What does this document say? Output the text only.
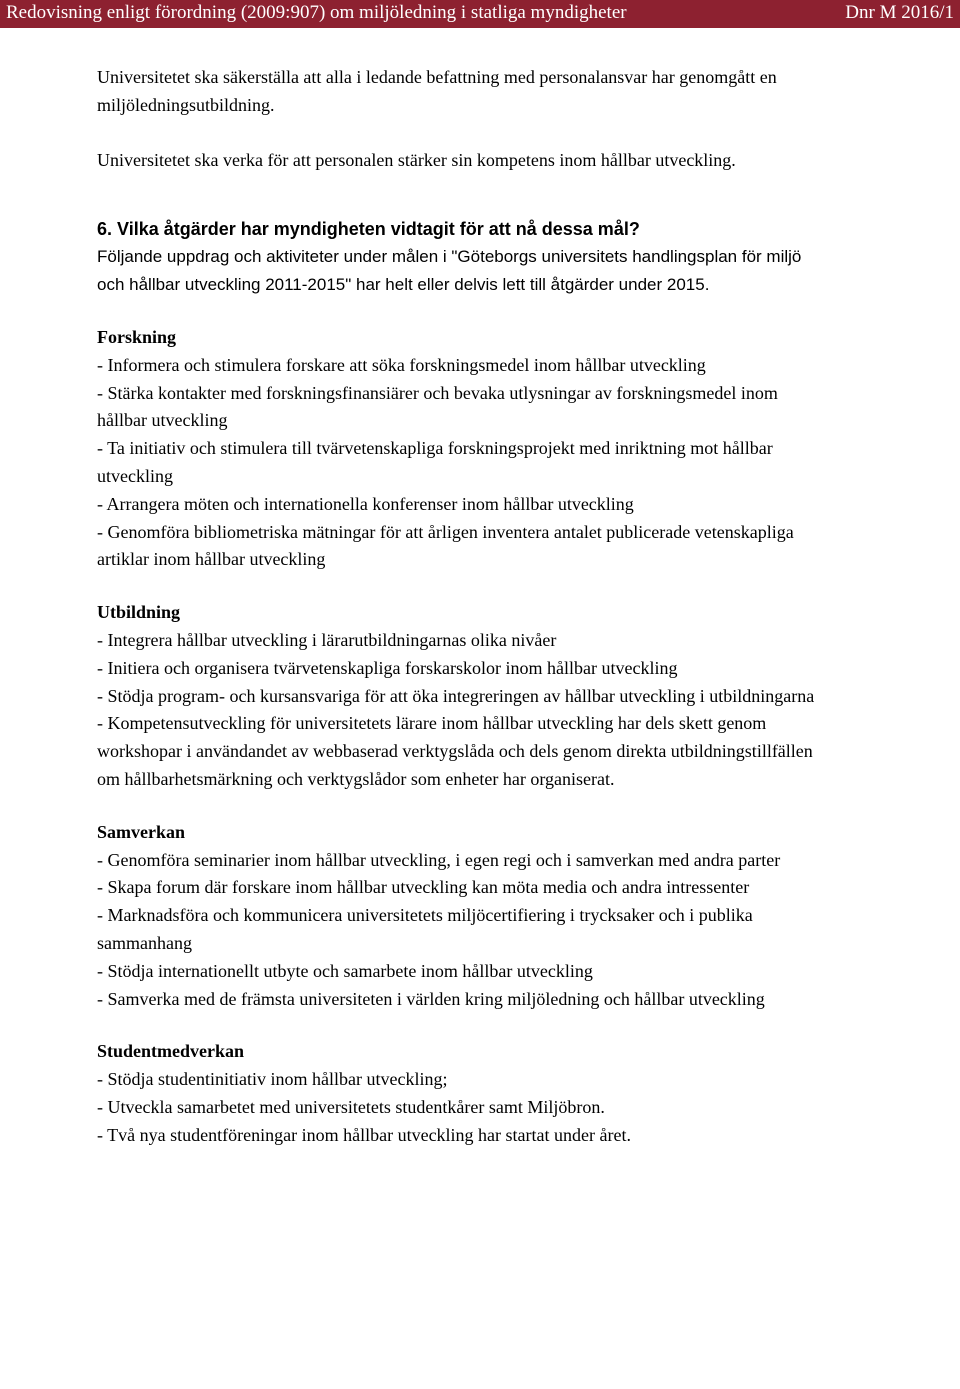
Redovisning enligt förordning (2009:907) om miljöledning i statliga myndigheter	Dnr M 2016/1

Universitetet ska säkerställa att alla i ledande befattning med personalansvar har genomgått en miljöledningsutbildning.

Universitetet ska verka för att personalen stärker sin kompetens inom hållbar utveckling.

6. Vilka åtgärder har myndigheten vidtagit för att nå dessa mål?

Följande uppdrag och aktiviteter under målen i "Göteborgs universitets handlingsplan för miljö och hållbar utveckling 2011-2015" har helt eller delvis lett till åtgärder under 2015.

Forskning

- Informera och stimulera forskare att söka forskningsmedel inom hållbar utveckling

- Stärka kontakter med forskningsfinansiärer och bevaka utlysningar av forskningsmedel inom hållbar utveckling

- Ta initiativ och stimulera till tvärvetenskapliga forskningsprojekt med inriktning mot hållbar utveckling

- Arrangera möten och internationella konferenser inom hållbar utveckling

- Genomföra bibliometriska mätningar för att årligen inventera antalet publicerade vetenskapliga artiklar inom hållbar utveckling

Utbildning

- Integrera hållbar utveckling i lärarutbildningarnas olika nivåer

- Initiera och organisera tvärvetenskapliga forskarskolor inom hållbar utveckling

- Stödja program- och kursansvariga för att öka integreringen av hållbar utveckling i utbildningarna

- Kompetensutveckling för universitetets lärare inom hållbar utveckling har dels skett genom workshopar i användandet av webbaserad verktygslåda och dels genom direkta utbildningstillfällen om hållbarhetsmärkning och verktygslådor som enheter har organiserat.

Samverkan

- Genomföra seminarier inom hållbar utveckling, i egen regi och i samverkan med andra parter

- Skapa forum där forskare inom hållbar utveckling kan möta media och andra intressenter

- Marknadsföra och kommunicera universitetets miljöcertifiering i trycksaker och i publika sammanhang

- Stödja internationellt utbyte och samarbete inom hållbar utveckling

- Samverka med de främsta universiteten i världen kring miljöledning och hållbar utveckling

Studentmedverkan

- Stödja studentinitiativ inom hållbar utveckling;

- Utveckla samarbetet med universitetets studentkårer samt Miljöbron.

- Två nya studentföreningar inom hållbar utveckling har startat under året.
